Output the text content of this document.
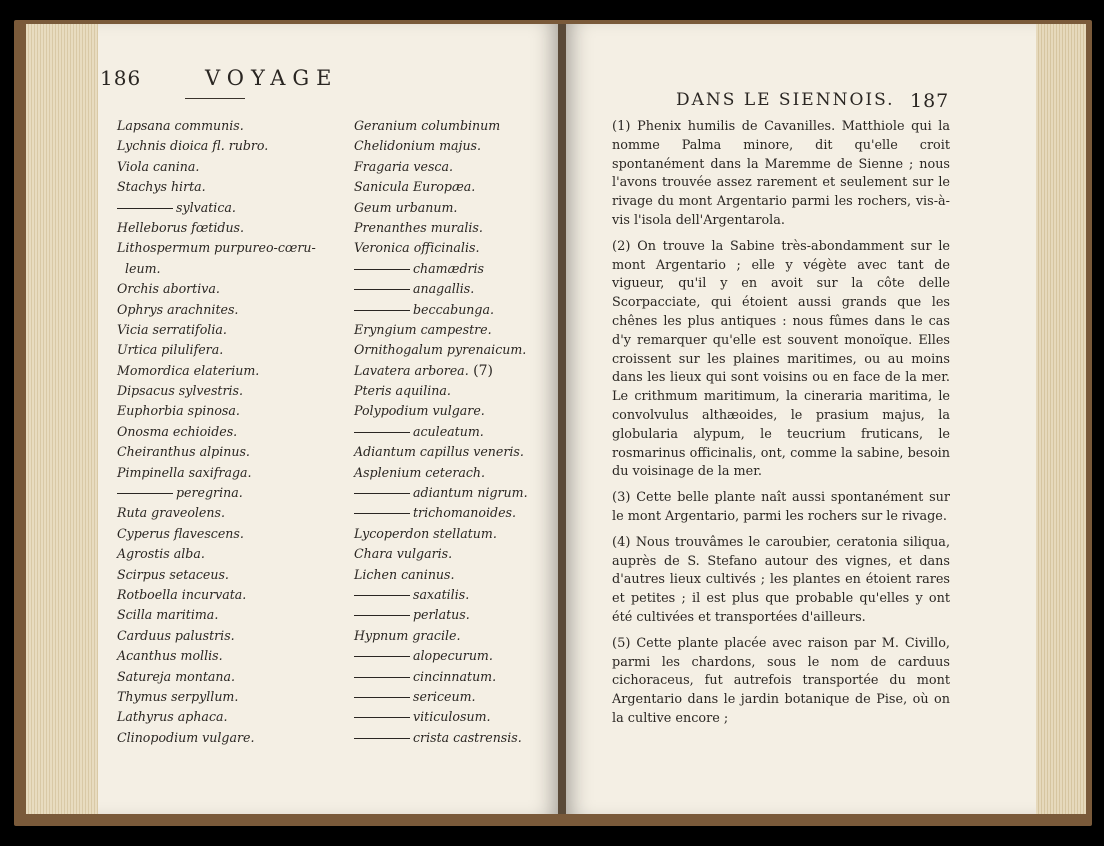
186	VOYAGE
DANS LE SIENNOIS. 187
Lapsana communis.
Lychnis dioica fl. rubro.
Viola canina.
Stachys hirta.
sylvatica.
Helleborus fœtidus.
Lithospermum purpureo-cœru-
leum.
Orchis abortiva.
Ophrys arachnites.
Vicia serratifolia.
Urtica pilulifera.
Momordica elaterium.
Dipsacus sylvestris.
Euphorbia spinosa.
Onosma echioides.
Cheiranthus alpinus.
Pimpinella saxifraga.
peregrina.
Ruta graveolens.
Cyperus flavescens.
Agrostis alba.
Scirpus setaceus.
Rotboella incurvata.
Scilla maritima.
Carduus palustris.
Acanthus mollis.
Satureja montana.
Thymus serpyllum.
Lathyrus aphaca.
Clinopodium vulgare.
Geranium columbinum
Chelidonium majus.
Fragaria vesca.
Sanicula Europæa.
Geum urbanum.
Prenanthes muralis.
Veronica officinalis.
chamædris
anagallis.
beccabunga.
Eryngium campestre.
Ornithogalum pyrenaicum.
Lavatera arborea. (7)
Pteris aquilina.
Polypodium vulgare.
aculeatum.
Adiantum capillus veneris.
Asplenium ceterach.
adiantum nigrum.
trichomanoides.
Lycoperdon stellatum.
Chara vulgaris.
Lichen caninus.
saxatilis.
perlatus.
Hypnum gracile.
alopecurum.
cincinnatum.
sericeum.
viticulosum.
crista castrensis.

(1) Phenix humilis de Cavanilles. Matthiole qui la nomme Palma minore, dit qu'elle croit spontanément dans la Maremme de Sienne ; nous l'avons trouvée assez rarement et seulement sur le rivage du mont Argentario parmi les rochers, vis-à-vis l'isola dell'Argentarola.

(2) On trouve la Sabine très-abondamment sur le mont Argentario ; elle y végète avec tant de vigueur, qu'il y en avoit sur la côte delle Scorpacciate, qui étoient aussi grands que les chênes les plus antiques : nous fûmes dans le cas d'y remarquer qu'elle est souvent monoïque. Elles croissent sur les plaines maritimes, ou au moins dans les lieux qui sont voisins ou en face de la mer. Le crithmum maritimum, la cineraria maritima, le convolvulus althæoides, le prasium majus, la globularia alypum, le teucrium fruticans, le rosmarinus officinalis, ont, comme la sabine, besoin du voisinage de la mer.

(3) Cette belle plante naît aussi spontanément sur le mont Argentario, parmi les rochers sur le rivage.

(4) Nous trouvâmes le caroubier, ceratonia siliqua, auprès de S. Stefano autour des vignes, et dans d'autres lieux cultivés ; les plantes en étoient rares et petites ; il est plus que probable qu'elles y ont été cultivées et transportées d'ailleurs.

(5) Cette plante placée avec raison par M. Civillo, parmi les chardons, sous le nom de carduus cichoraceus, fut autrefois transportée du mont Argentario dans le jardin botanique de Pise, où on la cultive encore ;
